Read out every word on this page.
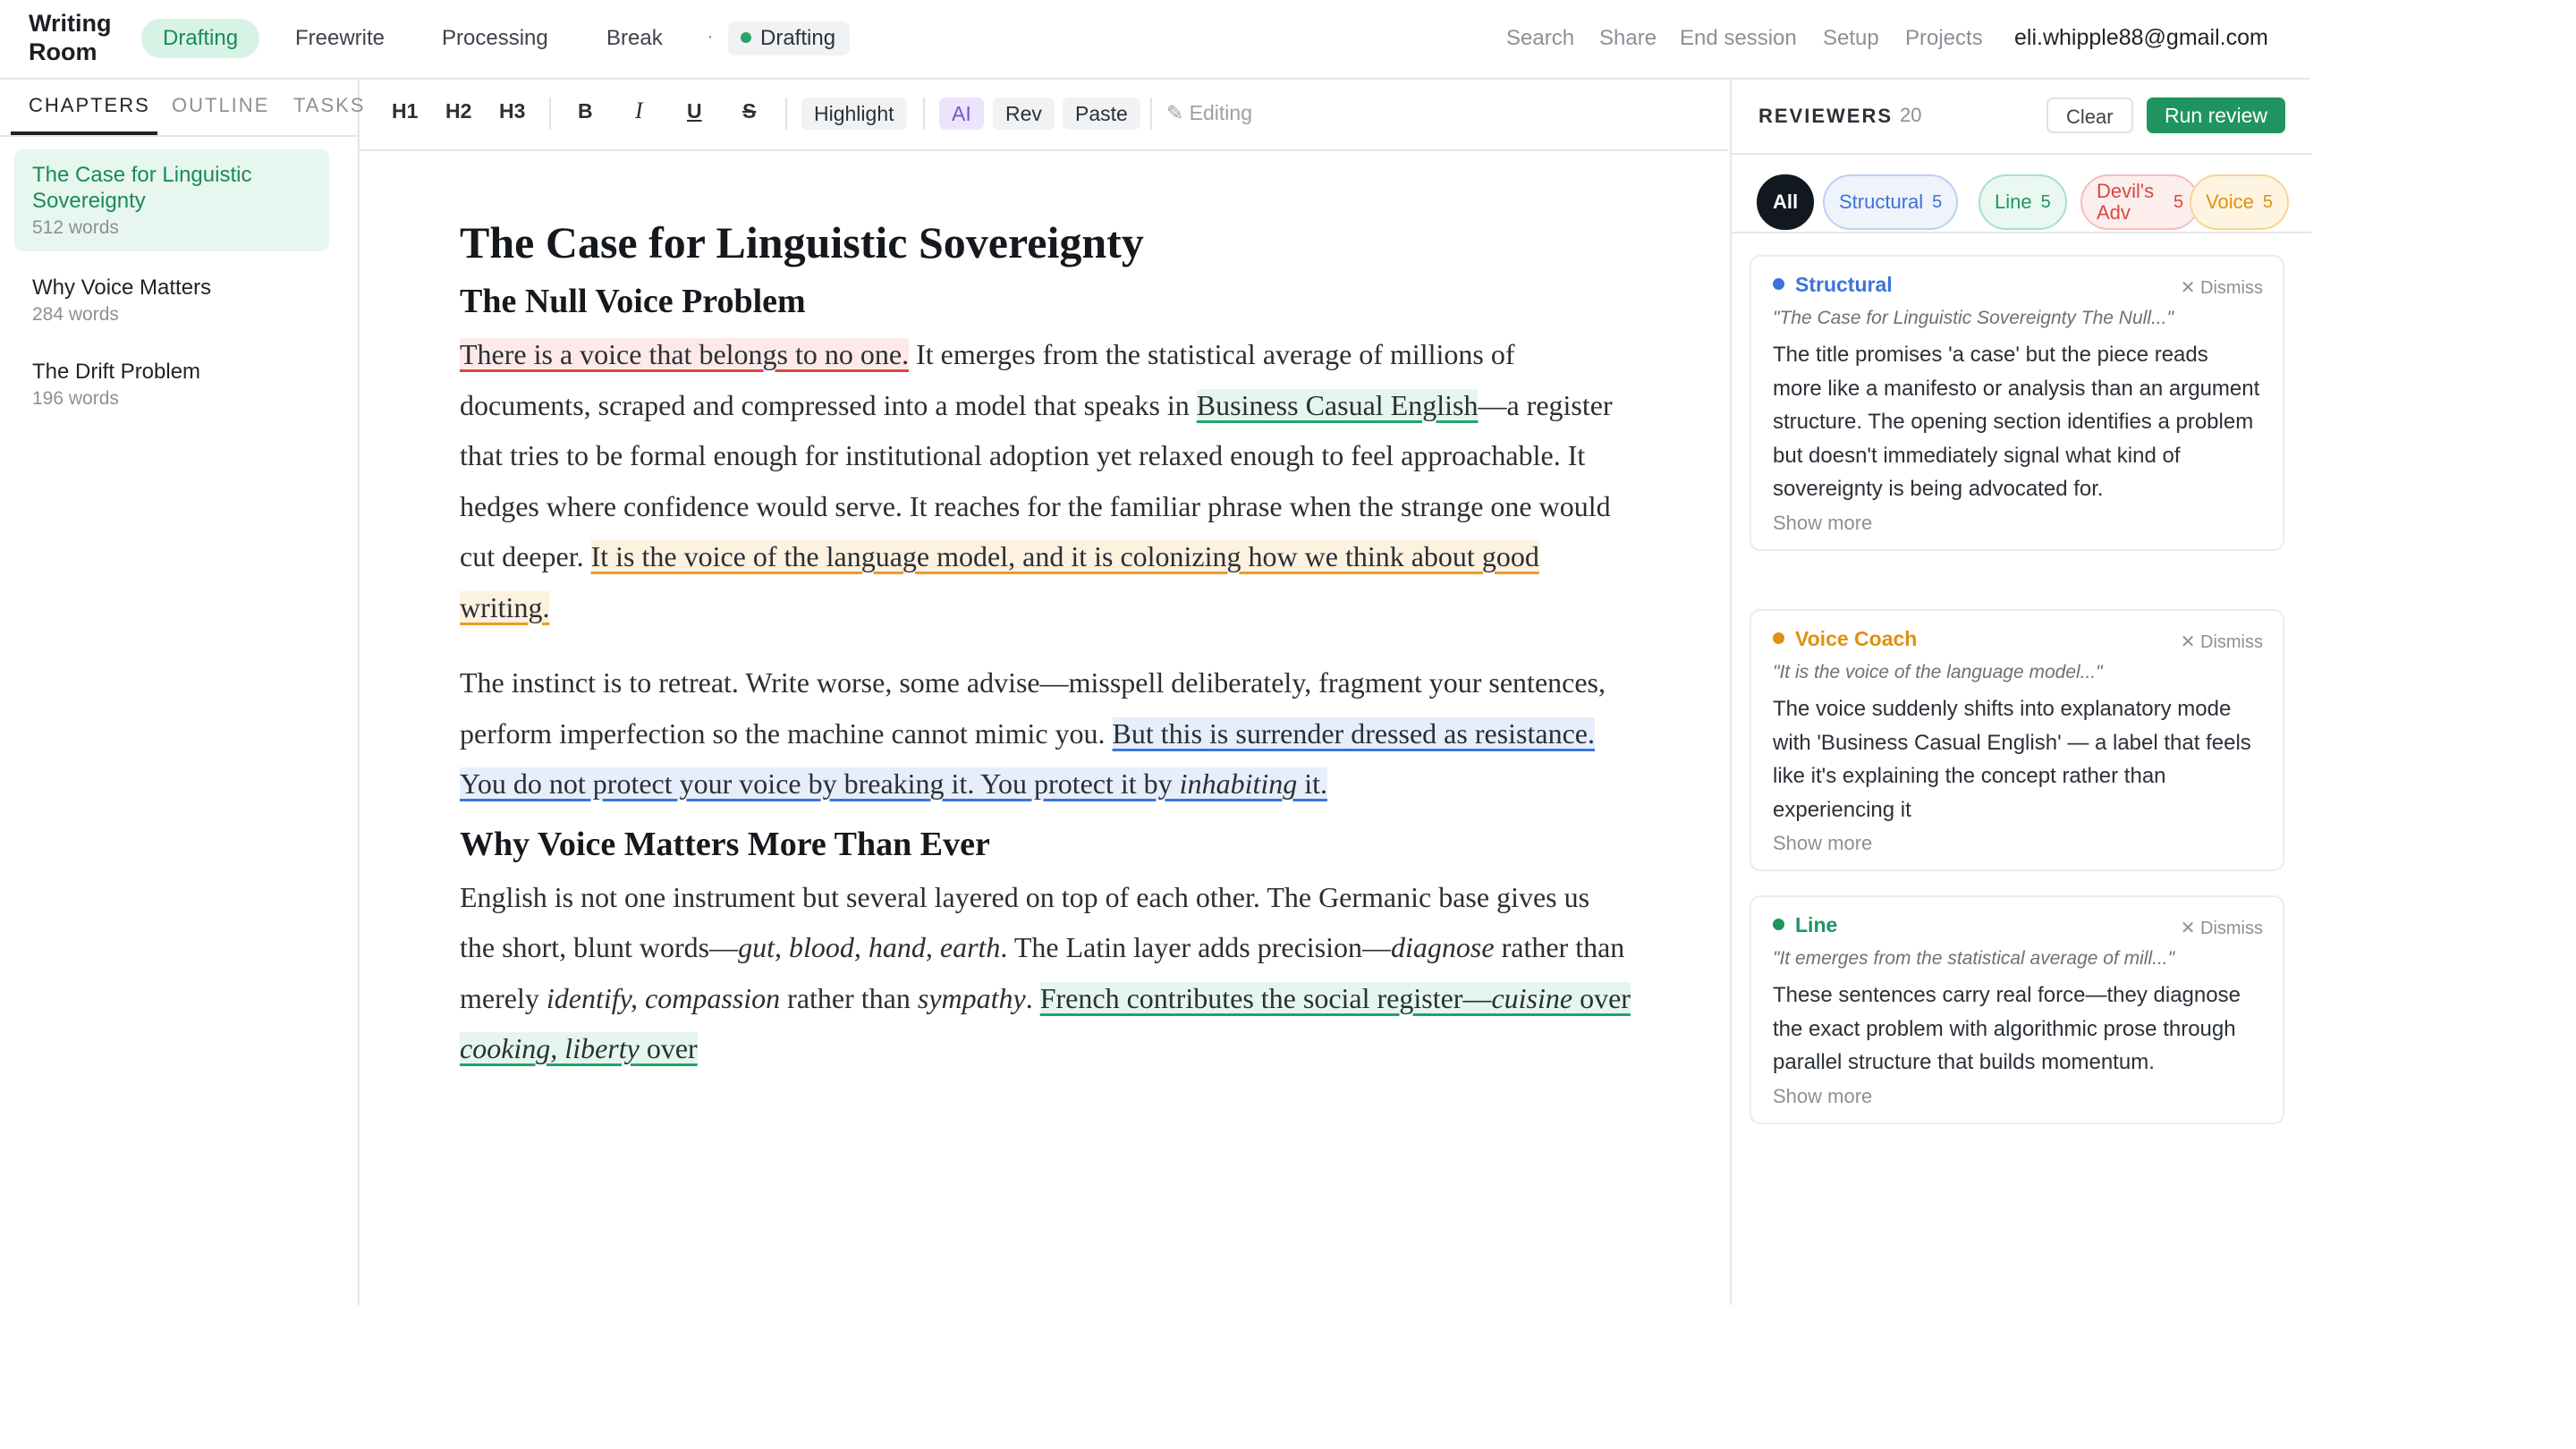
Writing Room
Drafting	Freewrite	Processing	Break	·	Drafting	Search Share End session Setup Projects eli.whipple88@gmail.com
CHAPTERS OUTLINE TASKS
The Case for Linguistic Sovereignty
512 words
Why Voice Matters
284 words
The Drift Problem
196 words
H1 H2 H3	B I U S	Highlight	AI	Rev	Paste	✎ Editing
The Case for Linguistic Sovereignty
The Null Voice Problem

There is a voice that belongs to no one. It emerges from the statistical average of millions of documents, scraped and compressed into a model that speaks in Business Casual English—a register that tries to be formal enough for institutional adoption yet relaxed enough to feel approachable. It hedges where confidence would serve. It reaches for the familiar phrase when the strange one would cut deeper. It is the voice of the language model, and it is colonizing how we think about good writing.

The instinct is to retreat. Write worse, some advise—misspell deliberately, fragment your sentences, perform imperfection so the machine cannot mimic you. But this is surrender dressed as resistance. You do not protect your voice by breaking it. You protect it by inhabiting it.

Why Voice Matters More Than Ever

English is not one instrument but several layered on top of each other. The Germanic base gives us the short, blunt words—gut, blood, hand, earth. The Latin layer adds precision—diagnose rather than merely identify, compassion rather than sympathy. French contributes the social register—cuisine over cooking, liberty over

REVIEWERS 20	Clear	Run review
All Structural 5	Line 5 Devil's Adv	5 Voice 5
Structural	✕ Dismiss
"The Case for Linguistic Sovereignty The Null..."
The title promises 'a case' but the piece reads more like a manifesto or analysis than an argument structure. The opening section identifies a problem but doesn't immediately signal what kind of sovereignty is being advocated for.
Show more
Voice Coach	✕ Dismiss
"It is the voice of the language model..."
The voice suddenly shifts into explanatory mode with 'Business Casual English' — a label that feels like it's explaining the concept rather than experiencing it
Show more
Line	✕ Dismiss
"It emerges from the statistical average of mill..."
These sentences carry real force—they diagnose the exact problem with algorithmic prose through parallel structure that builds momentum.
Show more
